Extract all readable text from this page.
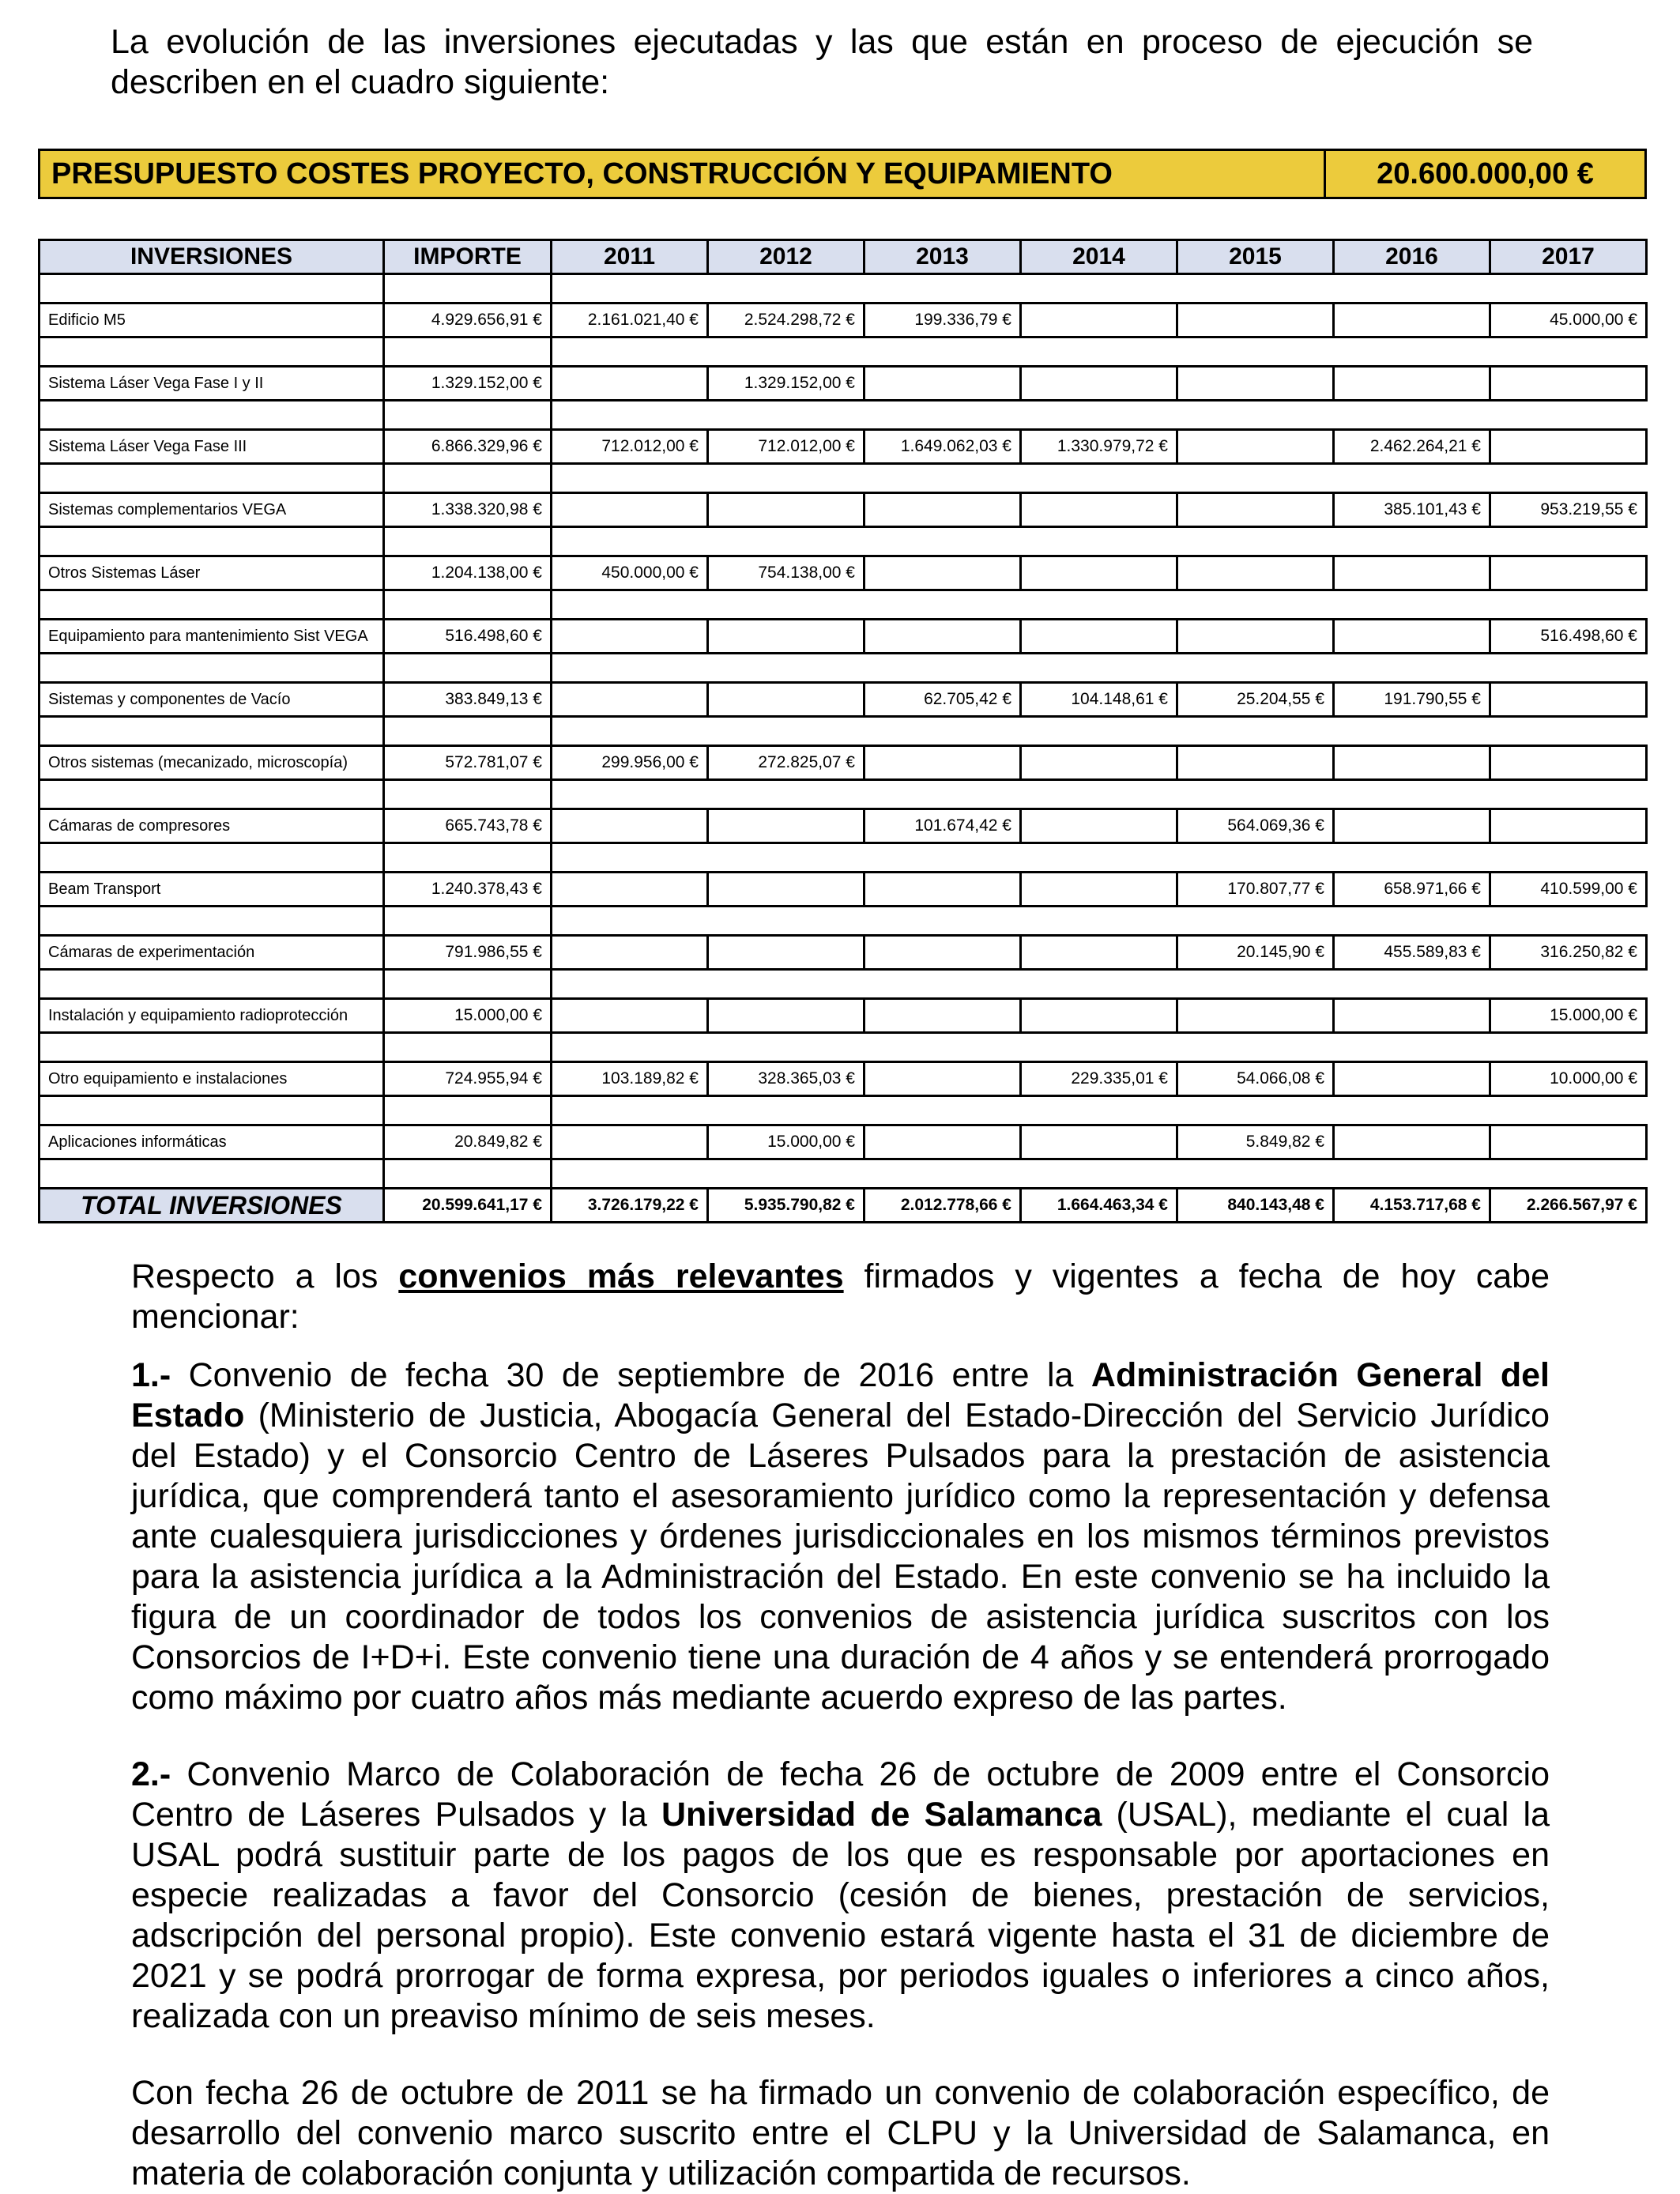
La evolución de las inversiones ejecutadas y las que están en proceso de ejecución se describen en el cuadro siguiente:
PRESUPUESTO COSTES PROYECTO, CONSTRUCCIÓN Y EQUIPAMIENTO	20.600.000,00 €
INVERSIONES	IMPORTE	2011	2012	2013	2014	2015	2016	2017

Edificio M5	4.929.656,91 €	2.161.021,40 €	2.524.298,72 €	199.336,79 €				45.000,00 €

Sistema Láser Vega Fase I y II	1.329.152,00 €		1.329.152,00 €					

Sistema Láser Vega Fase III	6.866.329,96 €	712.012,00 €	712.012,00 €	1.649.062,03 €	1.330.979,72 €		2.462.264,21 €	

Sistemas complementarios VEGA	1.338.320,98 €						385.101,43 €	953.219,55 €

Otros Sistemas Láser	1.204.138,00 €	450.000,00 €	754.138,00 €					

Equipamiento para mantenimiento Sist VEGA	516.498,60 €							516.498,60 €

Sistemas y componentes de Vacío	383.849,13 €			62.705,42 €	104.148,61 €	25.204,55 €	191.790,55 €	

Otros sistemas (mecanizado, microscopía)	572.781,07 €	299.956,00 €	272.825,07 €					

Cámaras de compresores	665.743,78 €			101.674,42 €		564.069,36 €		

Beam Transport	1.240.378,43 €					170.807,77 €	658.971,66 €	410.599,00 €

Cámaras de experimentación	791.986,55 €					20.145,90 €	455.589,83 €	316.250,82 €

Instalación y equipamiento radioprotección	15.000,00 €							15.000,00 €

Otro equipamiento e instalaciones	724.955,94 €	103.189,82 €	328.365,03 €		229.335,01 €	54.066,08 €		10.000,00 €

Aplicaciones informáticas	20.849,82 €		15.000,00 €			5.849,82 €		

TOTAL INVERSIONES	20.599.641,17 €	3.726.179,22 €	5.935.790,82 €	2.012.778,66 €	1.664.463,34 €	840.143,48 €	4.153.717,68 €	2.266.567,97 €
Respecto a los convenios más relevantes firmados y vigentes a fecha de hoy cabe mencionar:
1.- Convenio de fecha 30 de septiembre de 2016 entre la Administración General del Estado (Ministerio de Justicia, Abogacía General del Estado-Dirección del Servicio Jurídico del Estado) y el Consorcio Centro de Láseres Pulsados para la prestación de asistencia jurídica, que comprenderá tanto el asesoramiento jurídico como la representación y defensa ante cualesquiera jurisdicciones y órdenes jurisdiccionales en los mismos términos previstos para la asistencia jurídica a la Administración del Estado. En este convenio se ha incluido la figura de un coordinador de todos los convenios de asistencia jurídica suscritos con los Consorcios de I+D+i. Este convenio tiene una duración de 4 años y se entenderá prorrogado como máximo por cuatro años más mediante acuerdo expreso de las partes.
2.- Convenio Marco de Colaboración de fecha 26 de octubre de 2009 entre el Consorcio Centro de Láseres Pulsados y la Universidad de Salamanca (USAL), mediante el cual la USAL podrá sustituir parte de los pagos de los que es responsable por aportaciones en especie realizadas a favor del Consorcio (cesión de bienes, prestación de servicios, adscripción del personal propio). Este convenio estará vigente hasta el 31 de diciembre de 2021 y se podrá prorrogar de forma expresa, por periodos iguales o inferiores a cinco años, realizada con un preaviso mínimo de seis meses.
Con fecha 26 de octubre de 2011 se ha firmado un convenio de colaboración específico, de desarrollo del convenio marco suscrito entre el CLPU y la Universidad de Salamanca, en materia de colaboración conjunta y utilización compartida de recursos.
